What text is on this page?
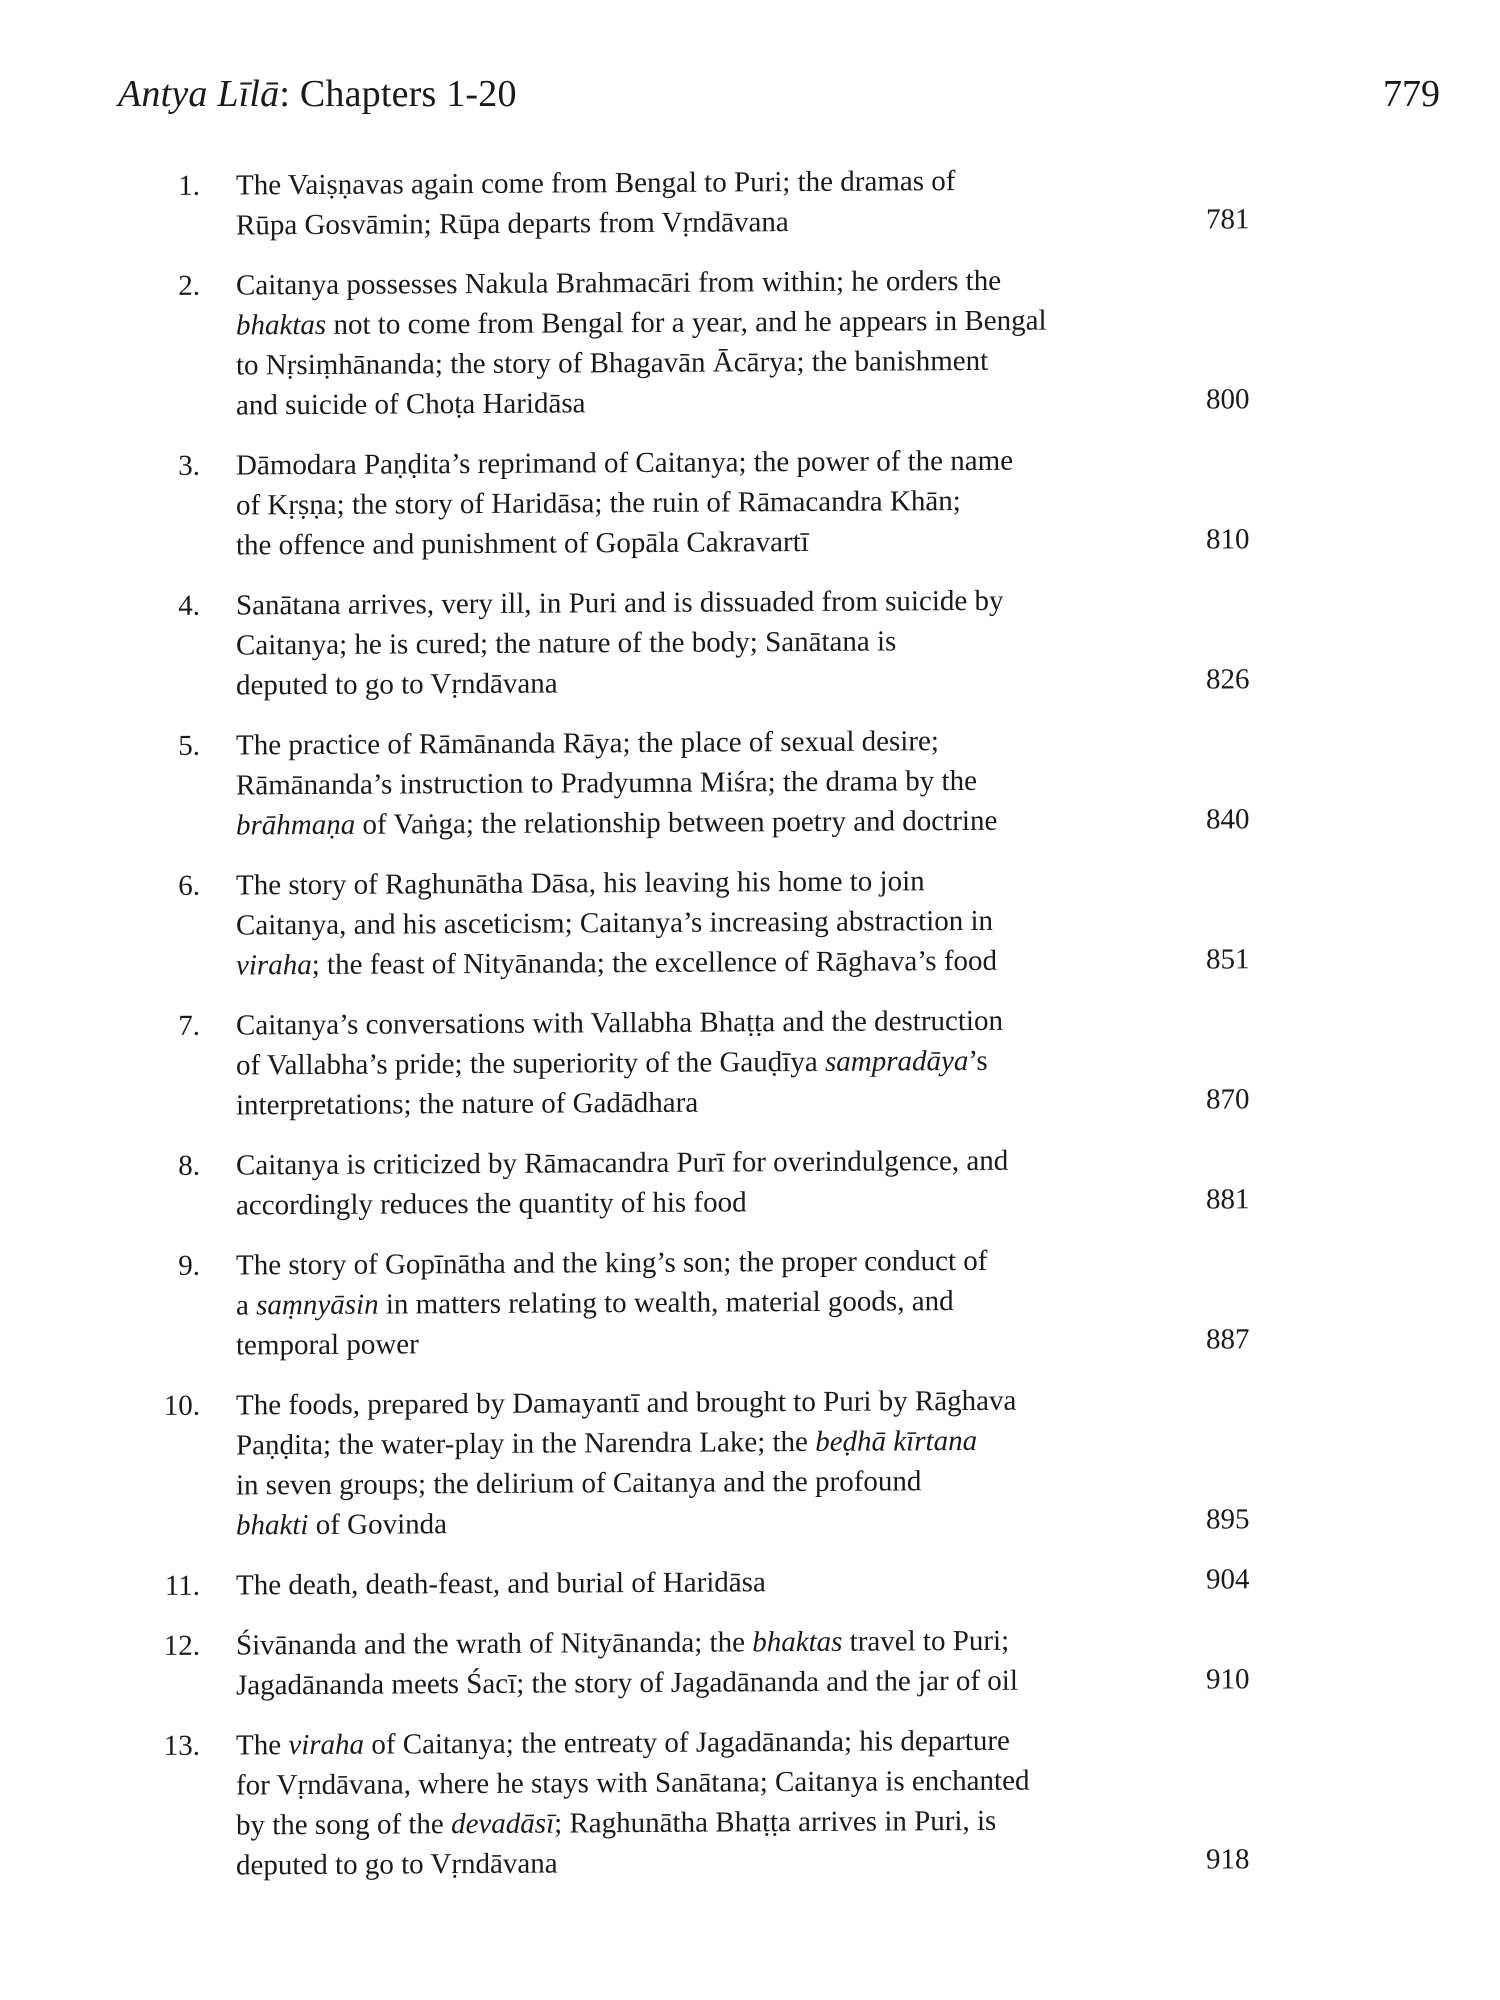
Antya Līlā: Chapters 1-20	779
1.	The Vaiṣṇavas again come from Bengal to Puri; the dramas of
Rūpa Gosvāmin; Rūpa departs from Vṛndāvana	781
2.	Caitanya possesses Nakula Brahmacāri from within; he orders the
bhaktas not to come from Bengal for a year, and he appears in Bengal
to Nṛsiṃhānanda; the story of Bhagavān Ācārya; the banishment
and suicide of Choṭa Haridāsa	800
3.	Dāmodara Paṇḍita’s reprimand of Caitanya; the power of the name
of Kṛṣṇa; the story of Haridāsa; the ruin of Rāmacandra Khān;
the offence and punishment of Gopāla Cakravartī	810
4.	Sanātana arrives, very ill, in Puri and is dissuaded from suicide by
Caitanya; he is cured; the nature of the body; Sanātana is
deputed to go to Vṛndāvana	826
5.	The practice of Rāmānanda Rāya; the place of sexual desire;
Rāmānanda’s instruction to Pradyumna Miśra; the drama by the
brāhmaṇa of Vaṅga; the relationship between poetry and doctrine	840
6.	The story of Raghunātha Dāsa, his leaving his home to join
Caitanya, and his asceticism; Caitanya’s increasing abstraction in
viraha; the feast of Nityānanda; the excellence of Rāghava’s food	851
7.	Caitanya’s conversations with Vallabha Bhaṭṭa and the destruction
of Vallabha’s pride; the superiority of the Gauḍīya sampradāya’s
interpretations; the nature of Gadādhara	870
8.	Caitanya is criticized by Rāmacandra Purī for overindulgence, and
accordingly reduces the quantity of his food	881
9.	The story of Gopīnātha and the king’s son; the proper conduct of
a saṃnyāsin in matters relating to wealth, material goods, and
temporal power	887
10.	The foods, prepared by Damayantī and brought to Puri by Rāghava
Paṇḍita; the water-play in the Narendra Lake; the beḍhā kīrtana
in seven groups; the delirium of Caitanya and the profound
bhakti of Govinda	895
11.	The death, death-feast, and burial of Haridāsa	904
12.	Śivānanda and the wrath of Nityānanda; the bhaktas travel to Puri;
Jagadānanda meets Śacī; the story of Jagadānanda and the jar of oil	910
13.	The viraha of Caitanya; the entreaty of Jagadānanda; his departure
for Vṛndāvana, where he stays with Sanātana; Caitanya is enchanted
by the song of the devadāsī; Raghunātha Bhaṭṭa arrives in Puri, is
deputed to go to Vṛndāvana	918
